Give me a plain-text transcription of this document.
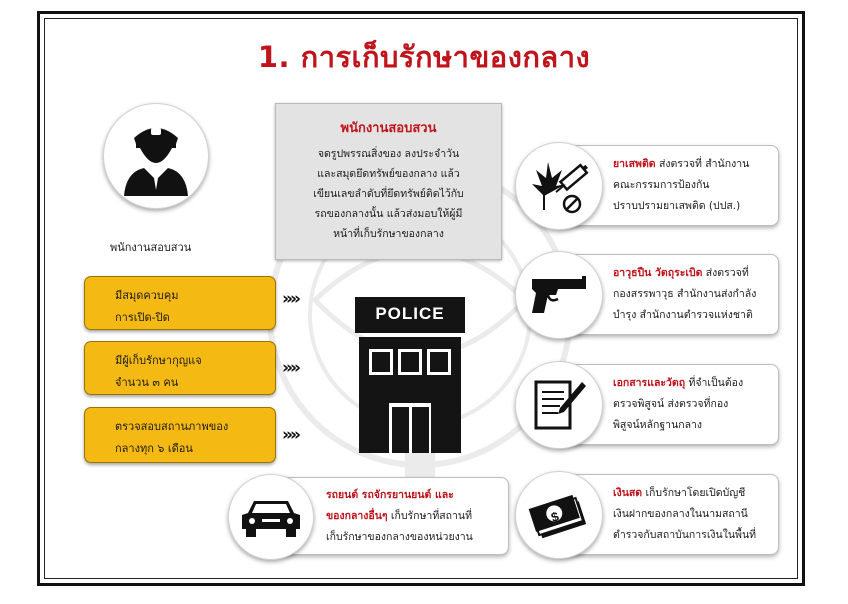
1. การเก็บรักษาของกลาง
พนักงานสอบสวน
พนักงานสอบสวน
จดรูปพรรณสิ่งของ ลงประจำวัน
และสมุดยึดทรัพย์ของกลาง แล้ว
เขียนเลขลำดับที่ยึดทรัพย์ติดไว้กับ
รถของกลางนั้น แล้วส่งมอบให้ผู้มี
หน้าที่เก็บรักษาของกลาง
มีสมุดควบคุม
การเปิด-ปิด
»»
มีผู้เก็บรักษากุญแจ
จำนวน ๓ คน
»»
ตรวจสอบสถานภาพของ
กลางทุก ๖ เดือน
»»
POLICE
ยาเสพติด ส่งตรวจที่ สำนักงาน
คณะกรรมการป้องกัน
ปราบปรามยาเสพติด (ปปส.)
อาวุธปืน วัตถุระเบิด ส่งตรวจที่
กองสรรพาวุธ สำนักงานส่งกำลัง
บำรุง สำนักงานตำรวจแห่งชาติ
เอกสารและวัตถุ ที่จำเป็นต้อง
ตรวจพิสูจน์ ส่งตรวจที่กอง
พิสูจน์หลักฐานกลาง
รถยนต์ รถจักรยานยนต์ และ
ของกลางอื่นๆ เก็บรักษาที่สถานที่
เก็บรักษาของกลางของหน่วยงาน
เงินสด เก็บรักษาโดยเปิดบัญชี
เงินฝากของกลางในนามสถานี
ตำรวจกับสถาบันการเงินในพื้นที่
$
